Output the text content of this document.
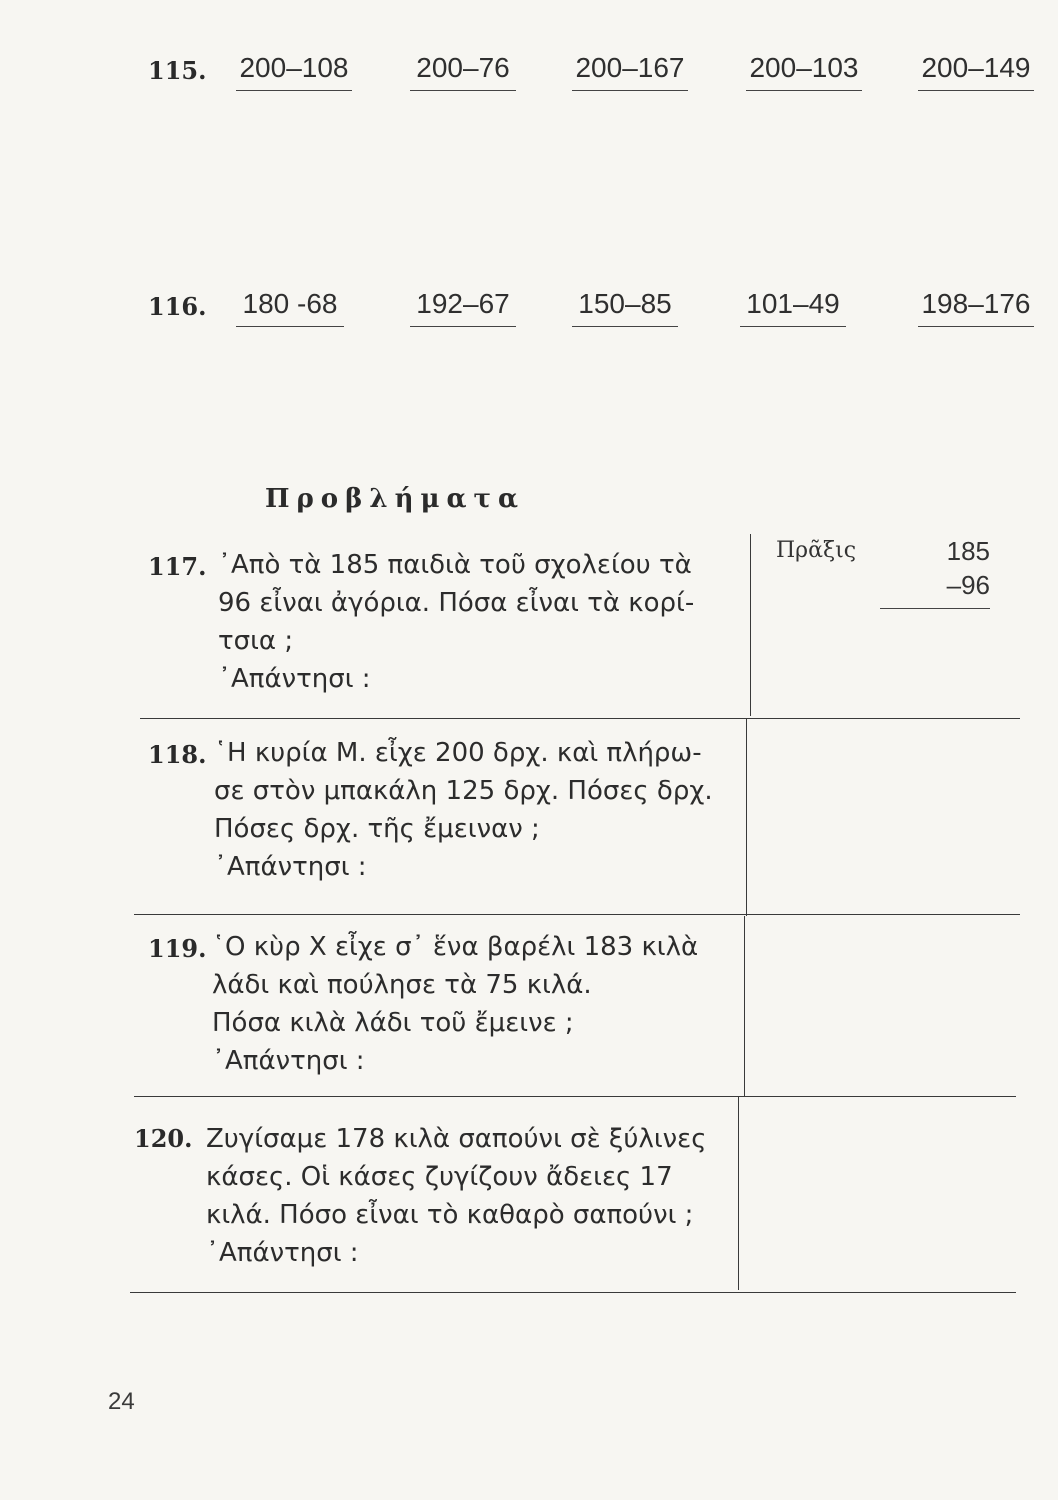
115. 200–108 200–76 200–167 200–103 200–149
116. 180 -68	192–67 150–85	101–49	198–176
Προβλήματα
Πρᾶξις	185
–96
117. ᾿Απὸ τὰ 185 παιδιὰ τοῦ σχολείου τὰ
96 εἶναι ἀγόρια. Πόσα εἶναι τὰ κορί-
τσια ;
᾿Απάντησι :
118. ῾Η κυρία Μ. εἶχε 200 δρχ. καὶ πλήρω-
σε στὸν μπακάλη 125 δρχ. Πόσες δρχ.
Πόσες δρχ. τῆς ἔμειναν ;
᾿Απάντησι :
119. ῾Ο κὺρ Χ εἶχε σ᾿ ἕνα βαρέλι 183 κιλὰ
λάδι καὶ πούλησε τὰ 75 κιλά.
Πόσα κιλὰ λάδι τοῦ ἔμεινε ;
᾿Απάντησι :
120. Ζυγίσαμε 178 κιλὰ σαπούνι σὲ ξύλινες
κάσες. Οἱ κάσες ζυγίζουν ἄδειες 17
κιλά. Πόσο εἶναι τὸ καθαρὸ σαπούνι ;
᾿Απάντησι :
24
